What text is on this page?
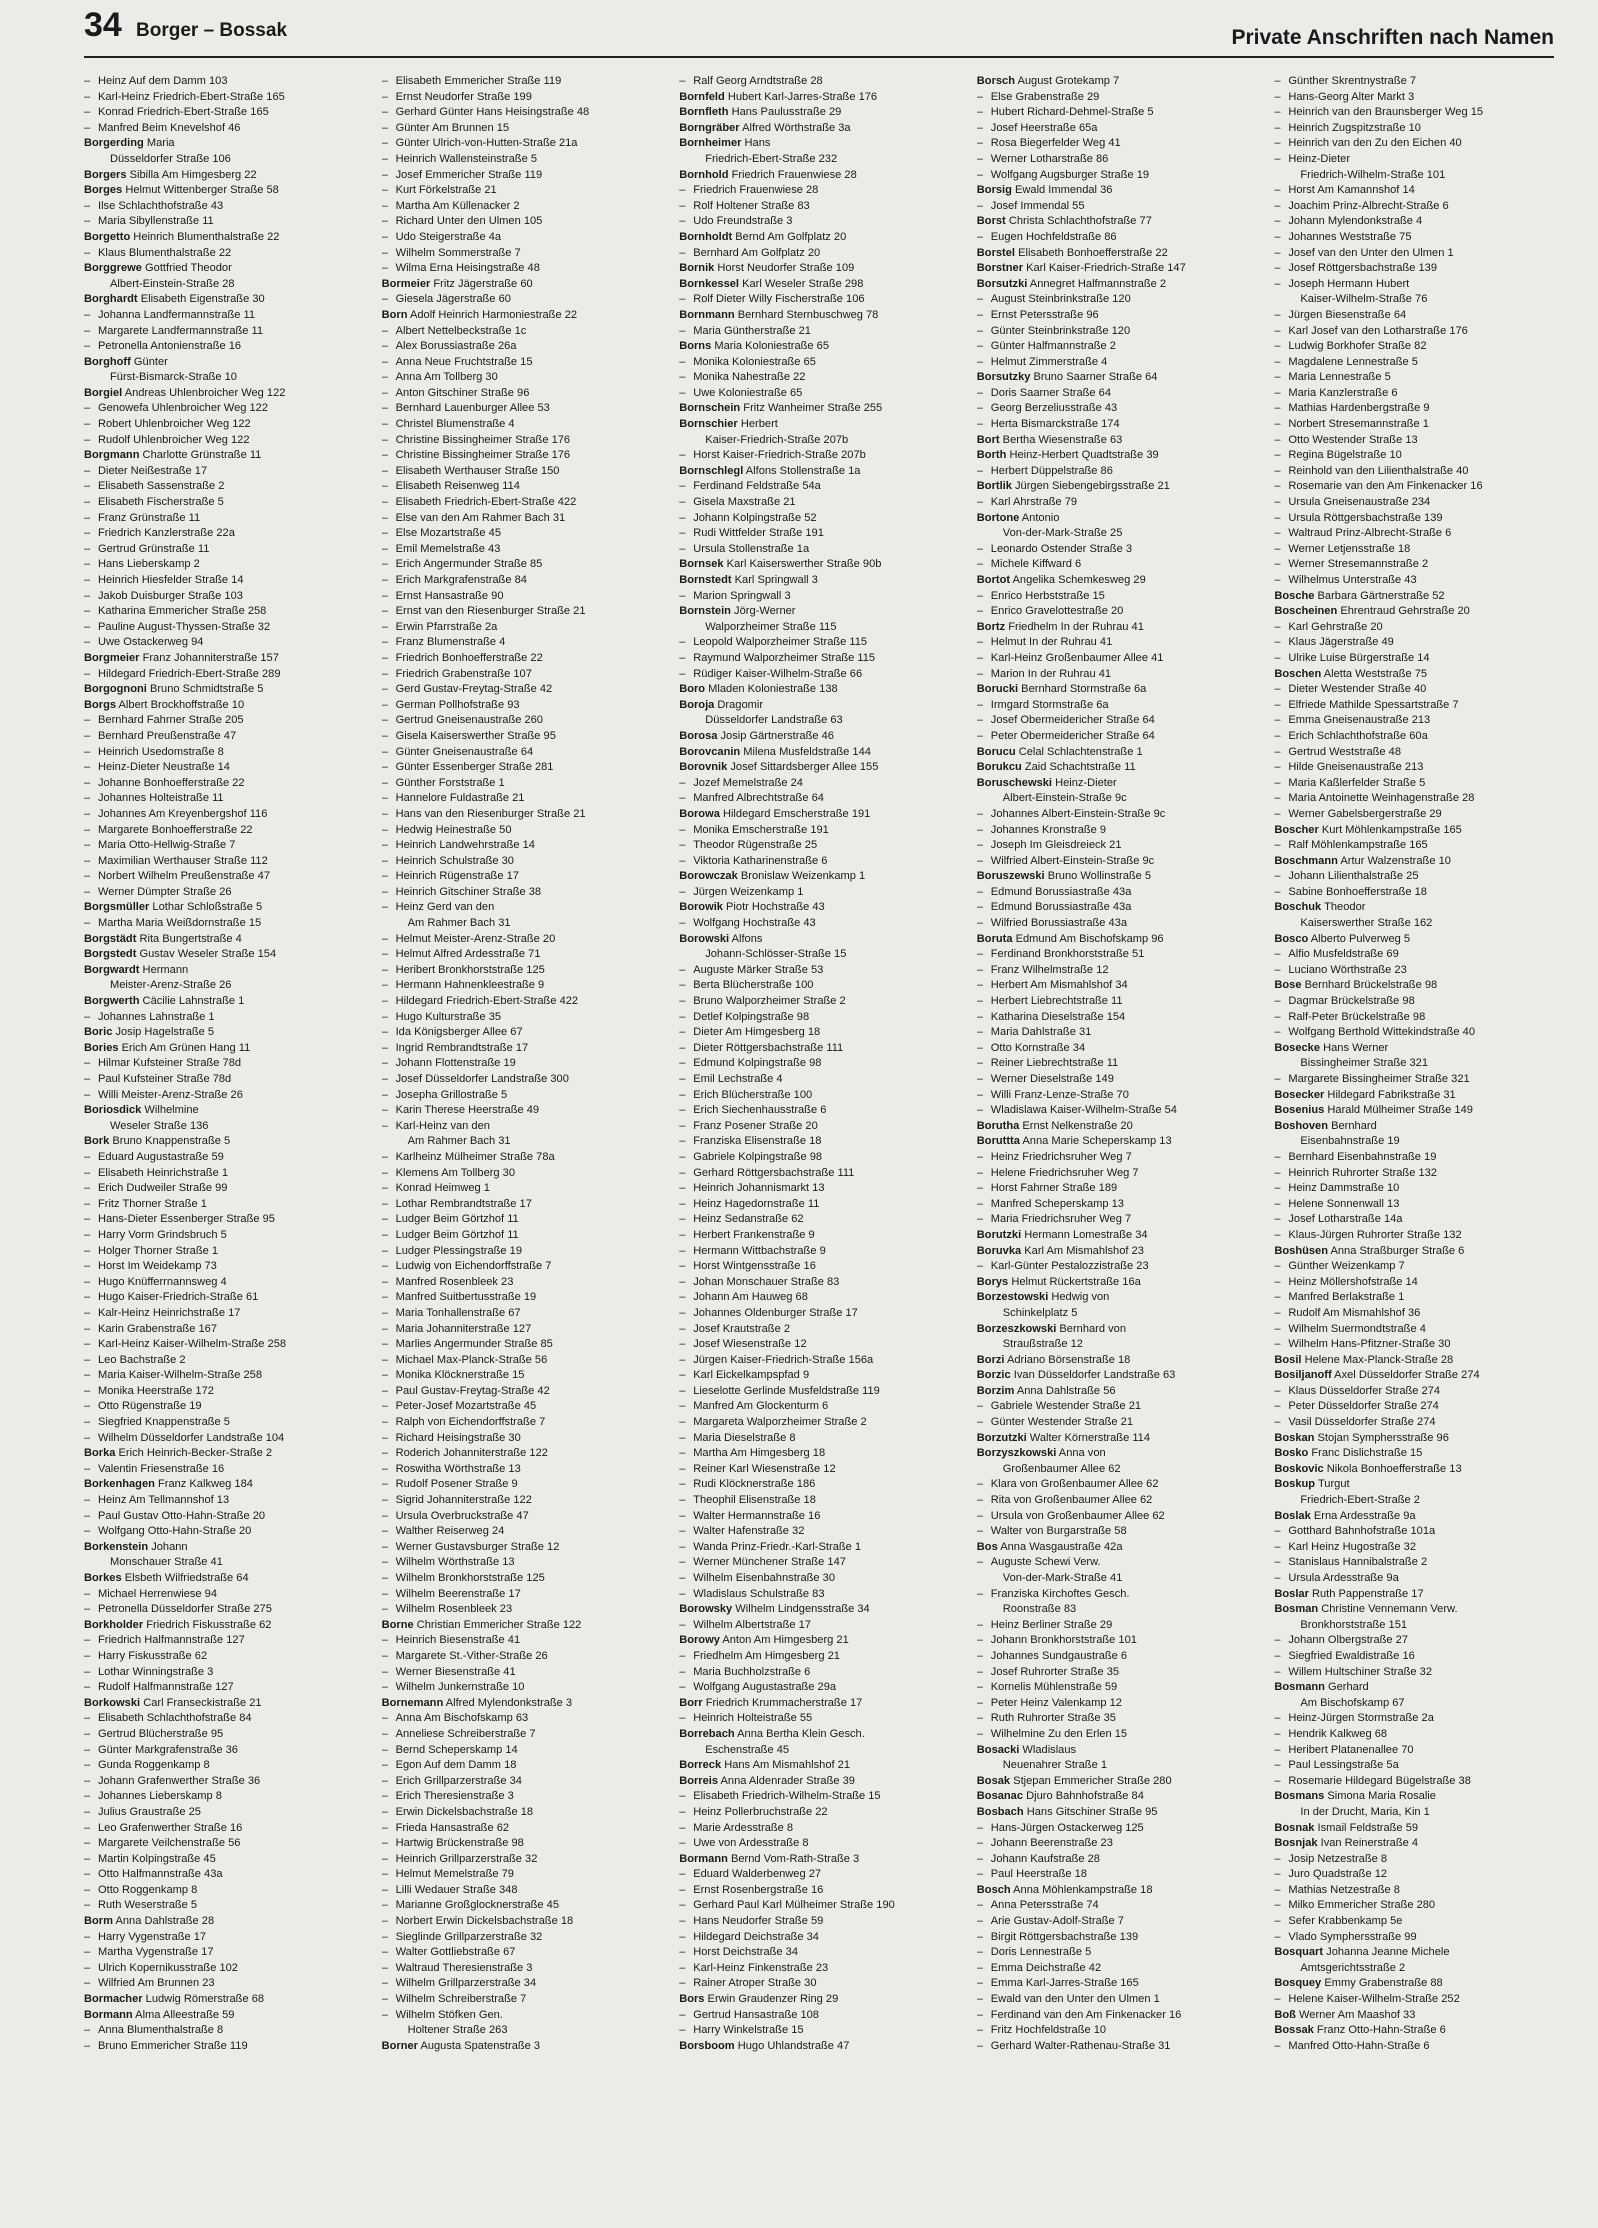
34 Borger – Bossak	Private Anschriften nach Namen
– Heinz Auf dem Damm 103
– Karl-Heinz Friedrich-Ebert-Straße 165
– Konrad Friedrich-Ebert-Straße 165
– Manfred Beim Knevelshof 46
Borgerding Maria
Düsseldorfer Straße 106
Borgers Sibilla Am Himgesberg 22
Borges Helmut Wittenberger Straße 58
– Ilse Schlachthofstraße 43
– Maria Sibyllenstraße 11
Borgetto Heinrich Blumenthalstraße 22
– Klaus Blumenthalstraße 22
Borggrewe Gottfried Theodor
Albert-Einstein-Straße 28
Borghardt Elisabeth Eigenstraße 30
– Johanna Landfermannstraße 11
– Margarete Landfermannstraße 11
– Petronella Antonienstraße 16
Borghoff Günter
Fürst-Bismarck-Straße 10
Borgiel Andreas Uhlenbroicher Weg 122
– Genowefa Uhlenbroicher Weg 122
– Robert Uhlenbroicher Weg 122
– Rudolf Uhlenbroicher Weg 122
Borgmann Charlotte Grünstraße 11
– Dieter Neißestraße 17
– Elisabeth Sassenstraße 2
– Elisabeth Fischerstraße 5
– Franz Grünstraße 11
– Friedrich Kanzlerstraße 22a
– Gertrud Grünstraße 11
– Hans Lieberskamp 2
– Heinrich Hiesfelder Straße 14
– Jakob Duisburger Straße 103
– Katharina Emmericher Straße 258
– Pauline August-Thyssen-Straße 32
– Uwe Ostackerweg 94
Borgmeier Franz Johanniterstraße 157
– Hildegard Friedrich-Ebert-Straße 289
Borgognoni Bruno Schmidtstraße 5
Borgs Albert Brockhoffstraße 10
– Bernhard Fahrner Straße 205
– Bernhard Preußenstraße 47
– Heinrich Usedomstraße 8
– Heinz-Dieter Neustraße 14
– Johanne Bonhoefferstraße 22
– Johannes Holteistraße 11
– Johannes Am Kreyenbergshof 116
– Margarete Bonhoefferstraße 22
– Maria Otto-Hellwig-Straße 7
– Maximilian Werthauser Straße 112
– Norbert Wilhelm Preußenstraße 47
– Werner Dümpter Straße 26
Borgsmüller Lothar Schloßstraße 5
– Martha Maria Weißdornstraße 15
Borgstädt Rita Bungertstraße 4
Borgstedt Gustav Weseler Straße 154
Borgwardt Hermann
Meister-Arenz-Straße 26
Borgwerth Cäcilie Lahnstraße 1
– Johannes Lahnstraße 1
Boric Josip Hagelstraße 5
Bories Erich Am Grünen Hang 11
– Hilmar Kufsteiner Straße 78d
– Paul Kufsteiner Straße 78d
– Willi Meister-Arenz-Straße 26
Boriosdick Wilhelmine
Weseler Straße 136
Bork Bruno Knappenstraße 5
– Eduard Augustastraße 59
– Elisabeth Heinrichstraße 1
– Erich Dudweiler Straße 99
– Fritz Thorner Straße 1
– Hans-Dieter Essenberger Straße 95
– Harry Vorm Grindsbruch 5
– Holger Thorner Straße 1
– Horst Im Weidekamp 73
– Hugo Knüfferrnannsweg 4
– Hugo Kaiser-Friedrich-Straße 61
– Kalr-Heinz Heinrichstraße 17
– Karin Grabenstraße 167
– Karl-Heinz Kaiser-Wilhelm-Straße 258
– Leo Bachstraße 2
– Maria Kaiser-Wilhelm-Straße 258
– Monika Heerstraße 172
– Otto Rügenstraße 19
– Siegfried Knappenstraße 5
– Wilhelm Düsseldorfer Landstraße 104
Borka Erich Heinrich-Becker-Straße 2
– Valentin Friesenstraße 16
Borkenhagen Franz Kalkweg 184
– Heinz Am Tellmannshof 13
– Paul Gustav Otto-Hahn-Straße 20
– Wolfgang Otto-Hahn-Straße 20
Borkenstein Johann
Monschauer Straße 41
Borkes Elsbeth Wilfriedstraße 64
– Michael Herrenwiese 94
– Petronella Düsseldorfer Straße 275
Borkholder Friedrich Fiskusstraße 62
– Friedrich Halfmannstraße 127
– Harry Fiskusstraße 62
– Lothar Winningstraße 3
– Rudolf Halfmannstraße 127
Borkowski Carl Franseckistraße 21
– Elisabeth Schlachthofstraße 84
– Gertrud Blücherstraße 95
– Günter Markgrafenstraße 36
– Gunda Roggenkamp 8
– Johann Grafenwerther Straße 36
– Johannes Lieberskamp 8
– Julius Graustraße 25
– Leo Grafenwerther Straße 16
– Margarete Veilchenstraße 56
– Martin Kolpingstraße 45
– Otto Halfmannstraße 43a
– Otto Roggenkamp 8
– Ruth Weserstraße 5
Borm Anna Dahlstraße 28
– Harry Vygenstraße 17
– Martha Vygenstraße 17
– Ulrich Kopernikusstraße 102
– Wilfried Am Brunnen 23
Bormacher Ludwig Römerstraße 68
Bormann Alma Alleestraße 59
– Anna Blumenthalstraße 8
– Bruno Emmericher Straße 119
– Elisabeth Emmericher Straße 119
– Ernst Neudorfer Straße 199
– Gerhard Günter Hans Heisingstraße 48
– Günter Am Brunnen 15
– Günter Ulrich-von-Hutten-Straße 21a
– Heinrich Wallensteinstraße 5
– Josef Emmericher Straße 119
– Kurt Förkelstraße 21
– Martha Am Küllenacker 2
– Richard Unter den Ulmen 105
– Udo Steigerstraße 4a
– Wilhelm Sommerstraße 7
– Wilma Erna Heisingstraße 48
Bormeier Fritz Jägerstraße 60
– Giesela Jägerstraße 60
Born Adolf Heinrich Harmoniestraße 22
– Albert Nettelbeckstraße 1c
– Alex Borussiastraße 26a
– Anna Neue Fruchtstraße 15
– Anna Am Tollberg 30
– Anton Gitschiner Straße 96
– Bernhard Lauenburger Allee 53
– Christel Blumenstraße 4
– Christine Bissingheimer Straße 176
– Christine Bissingheimer Straße 176
– Elisabeth Werthauser Straße 150
– Elisabeth Reisenweg 114
– Elisabeth Friedrich-Ebert-Straße 422
– Else van den Am Rahmer Bach 31
– Else Mozartstraße 45
– Emil Memelstraße 43
– Erich Angermunder Straße 85
– Erich Markgrafenstraße 84
– Ernst Hansastraße 90
– Ernst van den Riesenburger Straße 21
– Erwin Pfarrstraße 2a
– Franz Blumenstraße 4
– Friedrich Bonhoefferstraße 22
– Friedrich Grabenstraße 107
– Gerd Gustav-Freytag-Straße 42
– German Pollhofstraße 93
– Gertrud Gneisenaustraße 260
– Gisela Kaiserswerther Straße 95
– Günter Gneisenaustraße 64
– Günter Essenberger Straße 281
– Günther Forststraße 1
– Hannelore Fuldastraße 21
– Hans van den Riesenburger Straße 21
– Hedwig Heinestraße 50
– Heinrich Landwehrstraße 14
– Heinrich Schulstraße 30
– Heinrich Rügenstraße 17
– Heinrich Gitschiner Straße 38
– Heinz Gerd van den
Am Rahmer Bach 31
– Helmut Meister-Arenz-Straße 20
– Helmut Alfred Ardesstraße 71
– Heribert Bronkhorststraße 125
– Hermann Hahnenkleestraße 9
– Hildegard Friedrich-Ebert-Straße 422
– Hugo Kulturstraße 35
– Ida Königsberger Allee 67
– Ingrid Rembrandtstraße 17
– Johann Flottenstraße 19
– Josef Düsseldorfer Landstraße 300
– Josepha Grillostraße 5
– Karin Therese Heerstraße 49
– Karl-Heinz van den
Am Rahmer Bach 31
– Karlheinz Mülheimer Straße 78a
– Klemens Am Tollberg 30
– Konrad Heimweg 1
– Lothar Rembrandtstraße 17
– Ludger Beim Görtzhof 11
– Ludger Beim Görtzhof 11
– Ludger Plessingstraße 19
– Ludwig von Eichendorffstraße 7
– Manfred Rosenbleek 23
– Manfred Suitbertusstraße 19
– Maria Tonhallenstraße 67
– Maria Johanniterstraße 127
– Marlies Angermunder Straße 85
– Michael Max-Planck-Straße 56
– Monika Klöcknerstraße 15
– Paul Gustav-Freytag-Straße 42
– Peter-Josef Mozartstraße 45
– Ralph von Eichendorffstraße 7
– Richard Heisingstraße 30
– Roderich Johanniterstraße 122
– Roswitha Wörthstraße 13
– Rudolf Posener Straße 9
– Sigrid Johanniterstraße 122
– Ursula Overbruckstraße 47
– Walther Reiserweg 24
– Werner Gustavsburger Straße 12
– Wilhelm Wörthstraße 13
– Wilhelm Bronkhorststraße 125
– Wilhelm Beerenstraße 17
– Wilhelm Rosenbleek 23
Borne Christian Emmericher Straße 122
– Heinrich Biesenstraße 41
– Margarete St.-Vither-Straße 26
– Werner Biesenstraße 41
– Wilhelm Junkernstraße 10
Bornemann Alfred Mylendonkstraße 3
– Anna Am Bischofskamp 63
– Anneliese Schreiberstraße 7
– Bernd Scheperskamp 14
– Egon Auf dem Damm 18
– Erich Grillparzerstraße 34
– Erich Theresienstraße 3
– Erwin Dickelsbachstraße 18
– Frieda Hansastraße 62
– Hartwig Brückenstraße 98
– Heinrich Grillparzerstraße 32
– Helmut Memelstraße 79
– Lilli Wedauer Straße 348
– Marianne Großglocknerstraße 45
– Norbert Erwin Dickelsbachstraße 18
– Sieglinde Grillparzerstraße 32
– Walter Gottliebstraße 67
– Waltraud Theresienstraße 3
– Wilhelm Grillparzerstraße 34
– Wilhelm Schreiberstraße 7
– Wilhelm Stöfken Gen.
Holtener Straße 263
Borner Augusta Spatenstraße 3
– Ralf Georg Arndtstraße 28
Bornfeld Hubert Karl-Jarres-Straße 176
Bornfleth Hans Paulusstraße 29
Borngräber Alfred Wörthstraße 3a
Bornheimer Hans
Friedrich-Ebert-Straße 232
Bornhold Friedrich Frauenwiese 28
– Friedrich Frauenwiese 28
– Rolf Holtener Straße 83
– Udo Freundstraße 3
Bornholdt Bernd Am Golfplatz 20
– Bernhard Am Golfplatz 20
Bornik Horst Neudorfer Straße 109
Bornkessel Karl Weseler Straße 298
– Rolf Dieter Willy Fischerstraße 106
Bornmann Bernhard Sternbuschweg 78
– Maria Güntherstraße 21
Borns Maria Koloniestraße 65
– Monika Koloniestraße 65
– Monika Nahestraße 22
– Uwe Koloniestraße 65
Bornschein Fritz Wanheimer Straße 255
Bornschier Herbert
Kaiser-Friedrich-Straße 207b
– Horst Kaiser-Friedrich-Straße 207b
Bornschlegl Alfons Stollenstraße 1a
– Ferdinand Feldstraße 54a
– Gisela Maxstraße 21
– Johann Kolpingstraße 52
– Rudi Wittfelder Straße 191
– Ursula Stollenstraße 1a
Bornsek Karl Kaiserswerther Straße 90b
Bornstedt Karl Springwall 3
– Marion Springwall 3
Bornstein Jörg-Werner
Walporzheimer Straße 115
– Leopold Walporzheimer Straße 115
– Raymund Walporzheimer Straße 115
– Rüdiger Kaiser-Wilhelm-Straße 66
Boro Mladen Koloniestraße 138
Boroja Dragomir
Düsseldorfer Landstraße 63
Borosa Josip Gärtnerstraße 46
Borovcanin Milena Musfeldstraße 144
Borovnik Josef Sittardsberger Allee 155
– Jozef Memelstraße 24
– Manfred Albrechtstraße 64
Borowa Hildegard Emscherstraße 191
– Monika Emscherstraße 191
– Theodor Rügenstraße 25
– Viktoria Katharinenstraße 6
Borowczak Bronislaw Weizenkamp 1
– Jürgen Weizenkamp 1
Borowik Piotr Hochstraße 43
– Wolfgang Hochstraße 43
Borowski Alfons
Johann-Schlösser-Straße 15
– Auguste Märker Straße 53
– Berta Blücherstraße 100
– Bruno Walporzheimer Straße 2
– Detlef Kolpingstraße 98
– Dieter Am Himgesberg 18
– Dieter Röttgersbachstraße 111
– Edmund Kolpingstraße 98
– Emil Lechstraße 4
– Erich Blücherstraße 100
– Erich Siechenhausstraße 6
– Franz Posener Straße 20
– Franziska Elisenstraße 18
– Gabriele Kolpingstraße 98
– Gerhard Röttgersbachstraße 111
– Heinrich Johannismarkt 13
– Heinz Hagedornstraße 11
– Heinz Sedanstraße 62
– Herbert Frankenstraße 9
– Hermann Wittbachstraße 9
– Horst Wintgensstraße 16
– Johan Monschauer Straße 83
– Johann Am Hauweg 68
– Johannes Oldenburger Straße 17
– Josef Krautstraße 2
– Josef Wiesenstraße 12
– Jürgen Kaiser-Friedrich-Straße 156a
– Karl Eickelkampspfad 9
– Lieselotte Gerlinde Musfeldstraße 119
– Manfred Am Glockenturm 6
– Margareta Walporzheimer Straße 2
– Maria Dieselstraße 8
– Martha Am Himgesberg 18
– Reiner Karl Wiesenstraße 12
– Rudi Klöcknerstraße 186
– Theophil Elisenstraße 18
– Walter Hermannstraße 16
– Walter Hafenstraße 32
– Wanda Prinz-Friedr.-Karl-Straße 1
– Werner Münchener Straße 147
– Wilhelm Eisenbahnstraße 30
– Wladislaus Schulstraße 83
Borowsky Wilhelm Lindgensstraße 34
– Wilhelm Albertstraße 17
Borowy Anton Am Himgesberg 21
– Friedhelm Am Himgesberg 21
– Maria Buchholzstraße 6
– Wolfgang Augustastraße 29a
Borr Friedrich Krummacherstraße 17
– Heinrich Holteistraße 55
Borrebach Anna Bertha Klein Gesch.
Eschenstraße 45
Borreck Hans Am Mismahlshof 21
Borreis Anna Aldenrader Straße 39
– Elisabeth Friedrich-Wilhelm-Straße 15
– Heinz Pollerbruchstraße 22
– Marie Ardesstraße 8
– Uwe von Ardesstraße 8
Bormann Bernd Vom-Rath-Straße 3
– Eduard Walderbenweg 27
– Ernst Rosenbergstraße 16
– Gerhard Paul Karl Mülheimer Straße 190
– Hans Neudorfer Straße 59
– Hildegard Deichstraße 34
– Horst Deichstraße 34
– Karl-Heinz Finkenstraße 23
– Rainer Atroper Straße 30
Bors Erwin Graudenzer Ring 29
– Gertrud Hansastraße 108
– Harry Winkelstraße 15
Borsboom Hugo Uhlandstraße 47
Borsch August Grotekamp 7
– Else Grabenstraße 29
– Hubert Richard-Dehmel-Straße 5
– Josef Heerstraße 65a
– Rosa Biegerfelder Weg 41
– Werner Lotharstraße 86
– Wolfgang Augsburger Straße 19
Borsig Ewald Immendal 36
– Josef Immendal 55
Borst Christa Schlachthofstraße 77
– Eugen Hochfeldstraße 86
Borstel Elisabeth Bonhoefferstraße 22
Borstner Karl Kaiser-Friedrich-Straße 147
Borsutzki Annegret Halfmannstraße 2
– August Steinbrinkstraße 120
– Ernst Petersstraße 96
– Günter Steinbrinkstraße 120
– Günter Halfmannstraße 2
– Helmut Zimmerstraße 4
Borsutzky Bruno Saarner Straße 64
– Doris Saarner Straße 64
– Georg Berzeliusstraße 43
– Herta Bismarckstraße 174
Bort Bertha Wiesenstraße 63
Borth Heinz-Herbert Quadtstraße 39
– Herbert Düppelstraße 86
Bortlik Jürgen Siebengebirgsstraße 21
– Karl Ahrstraße 79
Bortone Antonio
Von-der-Mark-Straße 25
– Leonardo Ostender Straße 3
– Michele Kiffward 6
Bortot Angelika Schemkesweg 29
– Enrico Herbststraße 15
– Enrico Gravelottestraße 20
Bortz Friedhelm In der Ruhrau 41
– Helmut In der Ruhrau 41
– Karl-Heinz Großenbaumer Allee 41
– Marion In der Ruhrau 41
Borucki Bernhard Stormstraße 6a
– Irmgard Stormstraße 6a
– Josef Obermeidericher Straße 64
– Peter Obermeidericher Straße 64
Borucu Celal Schlachtenstraße 1
Borukcu Zaid Schachtstraße 11
Boruschewski Heinz-Dieter
Albert-Einstein-Straße 9c
– Johannes Albert-Einstein-Straße 9c
– Johannes Kronstraße 9
– Joseph Im Gleisdreieck 21
– Wilfried Albert-Einstein-Straße 9c
Boruszewski Bruno Wollinstraße 5
– Edmund Borussiastraße 43a
– Edmund Borussiastraße 43a
– Wilfried Borussiastraße 43a
Boruta Edmund Am Bischofskamp 96
– Ferdinand Bronkhorststraße 51
– Franz Wilhelmstraße 12
– Herbert Am Mismahlshof 34
– Herbert Liebrechtstraße 11
– Katharina Dieselstraße 154
– Maria Dahlstraße 31
– Otto Kornstraße 34
– Reiner Liebrechtstraße 11
– Werner Dieselstraße 149
– Willi Franz-Lenze-Straße 70
– Wladislawa Kaiser-Wilhelm-Straße 54
Borutha Ernst Nelkenstraße 20
Boruttta Anna Marie Scheperskamp 13
– Heinz Friedrichsruher Weg 7
– Helene Friedrichsruher Weg 7
– Horst Fahrner Straße 189
– Manfred Scheperskamp 13
– Maria Friedrichsruher Weg 7
Borutzki Hermann Lomestraße 34
Boruvka Karl Am Mismahlshof 23
– Karl-Günter Pestalozzistraße 23
Borys Helmut Rückertstraße 16a
Borzestowski Hedwig von
Schinkelplatz 5
Borzeszkowski Bernhard von
Straußstraße 12
Borzi Adriano Börsenstraße 18
Borzic Ivan Düsseldorfer Landstraße 63
Borzim Anna Dahlstraße 56
– Gabriele Westender Straße 21
– Günter Westender Straße 21
Borzutzki Walter Körnerstraße 114
Borzyszkowski Anna von
Großenbaumer Allee 62
– Klara von Großenbaumer Allee 62
– Rita von Großenbaumer Allee 62
– Ursula von Großenbaumer Allee 62
– Walter von Burgarstraße 58
Bos Anna Wasgaustraße 42a
– Auguste Schewi Verw.
Von-der-Mark-Straße 41
– Franziska Kirchoftes Gesch.
Roonstraße 83
– Heinz Berliner Straße 29
– Johann Bronkhorststraße 101
– Johannes Sundgaustraße 6
– Josef Ruhrorter Straße 35
– Kornelis Mühlenstraße 59
– Peter Heinz Valenkamp 12
– Ruth Ruhrorter Straße 35
– Wilhelmine Zu den Erlen 15
Bosacki Wladislaus
Neuenahrer Straße 1
Bosak Stjepan Emmericher Straße 280
Bosanac Djuro Bahnhofstraße 84
Bosbach Hans Gitschiner Straße 95
– Hans-Jürgen Ostackerweg 125
– Johann Beerenstraße 23
– Johann Kaufstraße 28
– Paul Heerstraße 18
Bosch Anna Möhlenkampstraße 18
– Anna Petersstraße 74
– Arie Gustav-Adolf-Straße 7
– Birgit Röttgersbachstraße 139
– Doris Lennestraße 5
– Emma Deichstraße 42
– Emma Karl-Jarres-Straße 165
– Ewald van den Unter den Ulmen 1
– Ferdinand van den Am Finkenacker 16
– Fritz Hochfeldstraße 10
– Gerhard Walter-Rathenau-Straße 31
– Günther Skrentnystraße 7
– Hans-Georg Alter Markt 3
– Heinrich van den Braunsberger Weg 15
– Heinrich Zugspitzstraße 10
– Heinrich van den Zu den Eichen 40
– Heinz-Dieter
Friedrich-Wilhelm-Straße 101
– Horst Am Kamannshof 14
– Joachim Prinz-Albrecht-Straße 6
– Johann Mylendonkstraße 4
– Johannes Weststraße 75
– Josef van den Unter den Ulmen 1
– Josef Röttgersbachstraße 139
– Joseph Hermann Hubert
Kaiser-Wilhelm-Straße 76
– Jürgen Biesenstraße 64
– Karl Josef van den Lotharstraße 176
– Ludwig Borkhofer Straße 82
– Magdalene Lennestraße 5
– Maria Lennestraße 5
– Maria Kanzlerstraße 6
– Mathias Hardenbergstraße 9
– Norbert Stresemannstraße 1
– Otto Westender Straße 13
– Regina Bügelstraße 10
– Reinhold van den Lilienthalstraße 40
– Rosemarie van den Am Finkenacker 16
– Ursula Gneisenaustraße 234
– Ursula Röttgersbachstraße 139
– Waltraud Prinz-Albrecht-Straße 6
– Werner Letjensstraße 18
– Werner Stresemannstraße 2
– Wilhelmus Unterstraße 43
Bosche Barbara Gärtnerstraße 52
Boscheinen Ehrentraud Gehrstraße 20
– Karl Gehrstraße 20
– Klaus Jägerstraße 49
– Ulrike Luise Bürgerstraße 14
Boschen Aletta Weststraße 75
– Dieter Westender Straße 40
– Elfriede Mathilde Spessartstraße 7
– Emma Gneisenaustraße 213
– Erich Schlachthofstraße 60a
– Gertrud Weststraße 48
– Hilde Gneisenaustraße 213
– Maria Kaßlerfelder Straße 5
– Maria Antoinette Weinhagenstraße 28
– Werner Gabelsbergerstraße 29
Boscher Kurt Möhlenkampstraße 165
– Ralf Möhlenkampstraße 165
Boschmann Artur Walzenstraße 10
– Johann Lilienthalstraße 25
– Sabine Bonhoefferstraße 18
Boschuk Theodor
Kaiserswerther Straße 162
Bosco Alberto Pulverweg 5
– Alfio Musfeldstraße 69
– Luciano Wörthstraße 23
Bose Bernhard Brückelstraße 98
– Dagmar Brückelstraße 98
– Ralf-Peter Brückelstraße 98
– Wolfgang Berthold Wittekindstraße 40
Bosecke Hans Werner
Bissingheimer Straße 321
– Margarete Bissingheimer Straße 321
Bosecker Hildegard Fabrikstraße 31
Bosenius Harald Mülheimer Straße 149
Boshoven Bernhard
Eisenbahnstraße 19
– Bernhard Eisenbahnstraße 19
– Heinrich Ruhrorter Straße 132
– Heinz Dammstraße 10
– Helene Sonnenwall 13
– Josef Lotharstraße 14a
– Klaus-Jürgen Ruhrorter Straße 132
Boshüsen Anna Straßburger Straße 6
– Günther Weizenkamp 7
– Heinz Möllershofstraße 14
– Manfred Berlakstraße 1
– Rudolf Am Mismahlshof 36
– Wilhelm Suermondtstraße 4
– Wilhelm Hans-Pfitzner-Straße 30
Bosil Helene Max-Planck-Straße 28
Bosiljanoff Axel Düsseldorfer Straße 274
– Klaus Düsseldorfer Straße 274
– Peter Düsseldorfer Straße 274
– Vasil Düsseldorfer Straße 274
Boskan Stojan Symphersstraße 96
Bosko Franc Dislichstraße 15
Boskovic Nikola Bonhoefferstraße 13
Boskup Turgut
Friedrich-Ebert-Straße 2
Boslak Erna Ardesstraße 9a
– Gotthard Bahnhofstraße 101a
– Karl Heinz Hugostraße 32
– Stanislaus Hannibalstraße 2
– Ursula Ardesstraße 9a
Boslar Ruth Pappenstraße 17
Bosman Christine Vennemann Verw.
Bronkhorststraße 151
– Johann Olbergstraße 27
– Siegfried Ewaldistraße 16
– Willem Hultschiner Straße 32
Bosmann Gerhard
Am Bischofskamp 67
– Heinz-Jürgen Stormstraße 2a
– Hendrik Kalkweg 68
– Heribert Platanenallee 70
– Paul Lessingstraße 5a
– Rosemarie Hildegard Bügelstraße 38
Bosmans Simona Maria Rosalie
In der Drucht, Maria, Kin 1
Bosnak Ismail Feldstraße 59
Bosnjak Ivan Reinerstraße 4
– Josip Netzestraße 8
– Juro Quadstraße 12
– Mathias Netzestraße 8
– Milko Emmericher Straße 280
– Sefer Krabbenkamp 5e
– Vlado Symphersstraße 99
Bosquart Johanna Jeanne Michele
Amtsgerichtsstraße 2
Bosquey Emmy Grabenstraße 88
– Helene Kaiser-Wilhelm-Straße 252
Boß Werner Am Maashof 33
Bossak Franz Otto-Hahn-Straße 6
– Manfred Otto-Hahn-Straße 6
